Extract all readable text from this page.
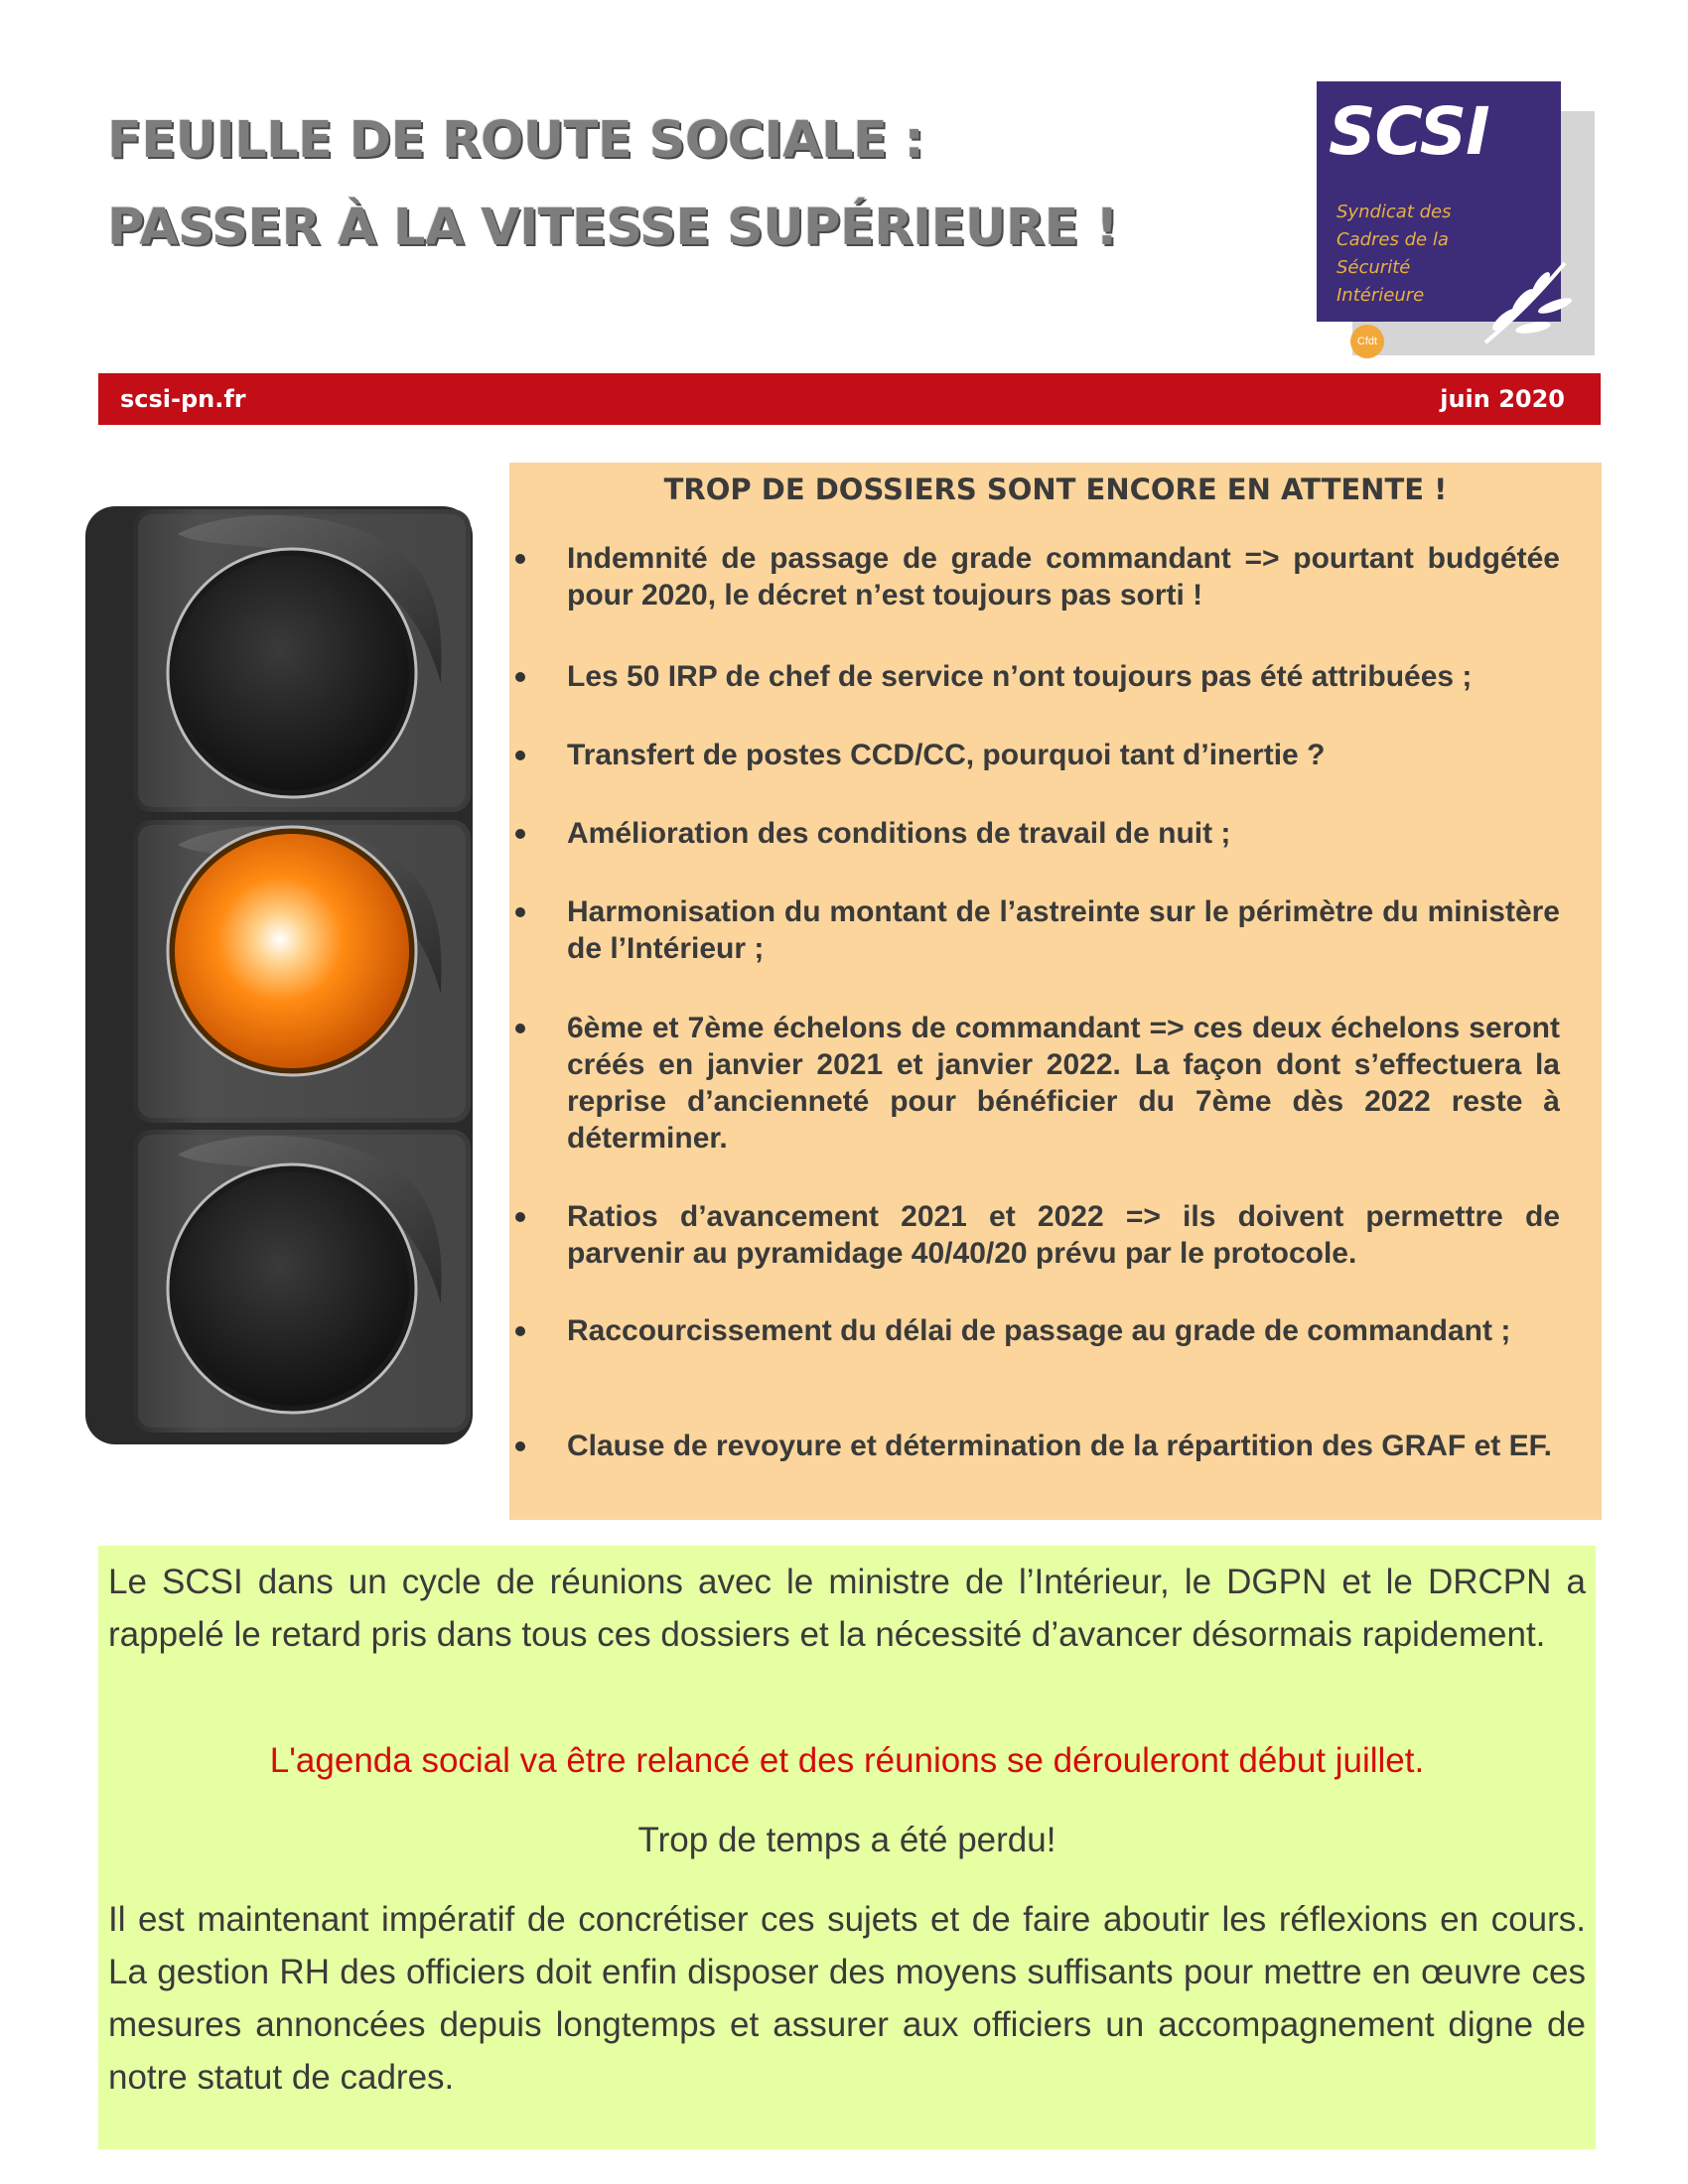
FEUILLE DE ROUTE SOCIALE :
PASSER À LA VITESSE SUPÉRIEURE !
SCSI
Syndicat des
Cadres de la
Sécurité
Intérieure
Cfdt
scsi-pn.fr	juin 2020
TROP DE DOSSIERS SONT ENCORE EN ATTENTE !
Indemnité de passage de grade commandant => pourtant budgétée pour 2020, le décret n’est toujours pas sorti !
Les 50 IRP de chef de service n’ont toujours pas été attribuées ;
Transfert de postes CCD/CC, pourquoi tant d’inertie ?
Amélioration des conditions de travail de nuit ;
Harmonisation du montant de l’astreinte sur le périmètre du ministère de l’Intérieur ;
6ème et 7ème échelons de commandant => ces deux échelons seront créés en janvier 2021 et janvier 2022. La façon dont s’effectuera la reprise d’ancienneté pour bénéficier du 7ème dès 2022 reste à déterminer.
Ratios d’avancement 2021 et 2022 => ils doivent permettre de parvenir au pyramidage 40/40/20 prévu par le protocole.
Raccourcissement du délai de passage au grade de commandant ;
Clause de revoyure et détermination de la répartition des GRAF et EF.

Le SCSI dans un cycle de réunions avec le ministre de l’Intérieur, le DGPN et le DRCPN a rappelé le retard pris dans tous ces dossiers et la nécessité d’avancer désormais rapidement.

L'agenda social va être relancé et des réunions se dérouleront début juillet.

Trop de temps a été perdu!

Il est maintenant impératif de concrétiser ces sujets et de faire aboutir les réflexions en cours. La gestion RH des officiers doit enfin disposer des moyens suffisants pour mettre en œuvre ces mesures annoncées depuis longtemps et assurer aux officiers un accompagnement digne de notre statut de cadres.
